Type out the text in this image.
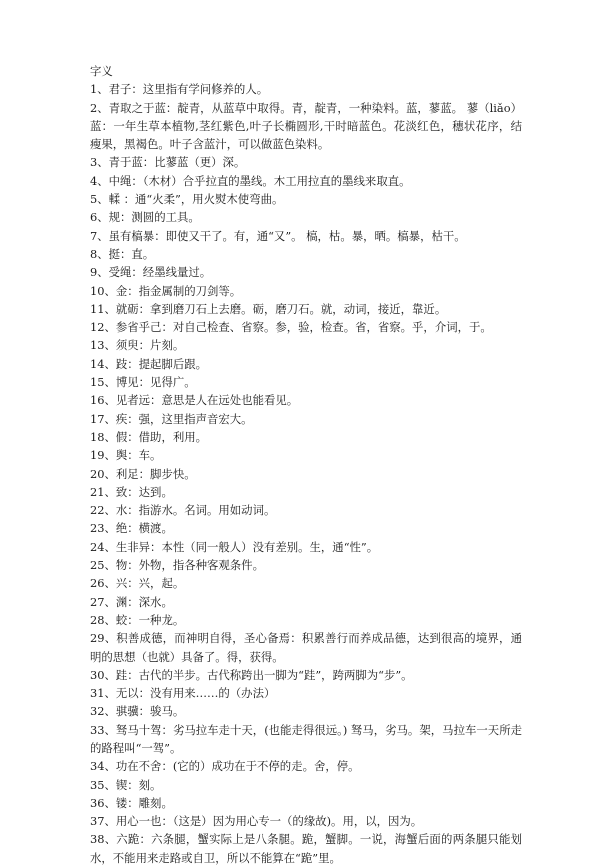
字义

1、君子：这里指有学问修养的人。

2、青取之于蓝：靛青，从蓝草中取得。青，靛青，一种染料。蓝，蓼蓝。 蓼（liǎo）蓝：一年生草本植物,茎红紫色,叶子长椭圆形,干时暗蓝色。花淡红色，穗状花序，结瘦果，黑褐色。叶子含蓝汁，可以做蓝色染料。

3、青于蓝：比蓼蓝（更）深。

4、中绳：（木材）合乎拉直的墨线。木工用拉直的墨线来取直。

5、輮 ：通“火柔”，用火熨木使弯曲。

6、规：测圆的工具。

7、虽有槁暴：即使又干了。有，通“又”。 槁，枯。暴，晒。槁暴，枯干。

8、挺：直。

9、受绳：经墨线量过。

10、金：指金属制的刀剑等。

11、就砺：拿到磨刀石上去磨。砺，磨刀石。就，动词，接近，靠近。

12、参省乎己：对自己检查、省察。参，验，检查。省，省察。乎，介词，于。

13、须臾：片刻。

14、跂：提起脚后跟。

15、博见：见得广。

16、见者远：意思是人在远处也能看见。

17、疾：强，这里指声音宏大。

18、假：借助，利用。

19、舆：车。

20、利足：脚步快。

21、致：达到。

22、水：指游水。名词。用如动词。

23、绝：横渡。

24、生非异：本性（同一般人）没有差别。生，通“性”。

25、物：外物，指各种客观条件。

26、兴：兴，起。

27、渊：深水。

28、蛟：一种龙。

29、积善成德，而神明自得，圣心备焉：积累善行而养成品德，达到很高的境界，通明的思想（也就）具备了。得，获得。

30、跬：古代的半步。古代称跨出一脚为“跬”，跨两脚为“步”。

31、无以：没有用来……的（办法）

32、骐骥：骏马。

33、驽马十驾：劣马拉车走十天，(也能走得很远。) 驽马，劣马。架，马拉车一天所走的路程叫“一驾”。

34、功在不舍：(它的）成功在于不停的走。舍，停。

35、锲：刻。

36、镂：雕刻。

37、用心一也：（这是）因为用心专一（的缘故)。用，以，因为。

38、六跪：六条腿，蟹实际上是八条腿。跪，蟹脚。一说，海蟹后面的两条腿只能划水，不能用来走路或自卫，所以不能算在“跪”里。
